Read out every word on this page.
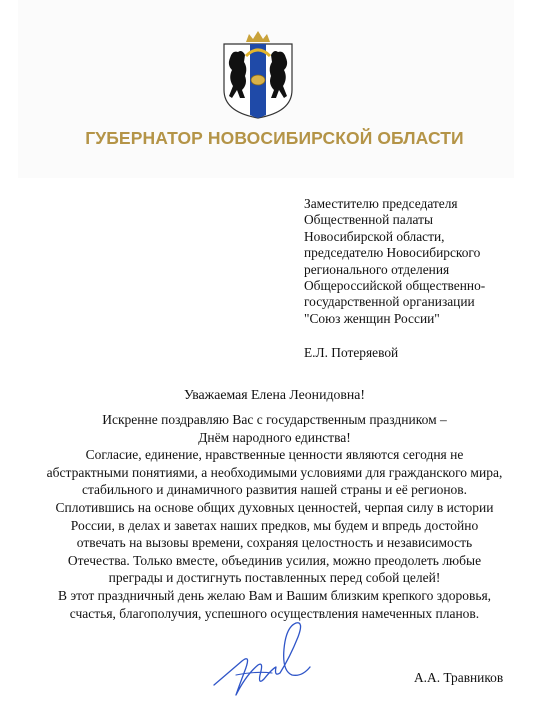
ГУБЕРНАТОР НОВОСИБИРСКОЙ ОБЛАСТИ
Заместителю председателя
Общественной палаты
Новосибирской области,
председателю Новосибирского
регионального отделения
Общероссийской общественно-
государственной организации
"Союз женщин России"
Е.Л. Потеряевой
Уважаемая Елена Леонидовна!
Искренне поздравляю Вас с государственным праздником –
Днём народного единства!
Согласие, единение, нравственные ценности являются сегодня не
абстрактными понятиями, а необходимыми условиями для гражданского мира,
стабильного и динамичного развития нашей страны и её регионов.
Сплотившись на основе общих духовных ценностей, черпая силу в истории
России, в делах и заветах наших предков, мы будем и впредь достойно
отвечать на вызовы времени, сохраняя целостность и независимость
Отечества. Только вместе, объединив усилия, можно преодолеть любые
преграды и достигнуть поставленных перед собой целей!
В этот праздничный день желаю Вам и Вашим близким крепкого здоровья,
счастья, благополучия, успешного осуществления намеченных планов.
А.А. Травников
